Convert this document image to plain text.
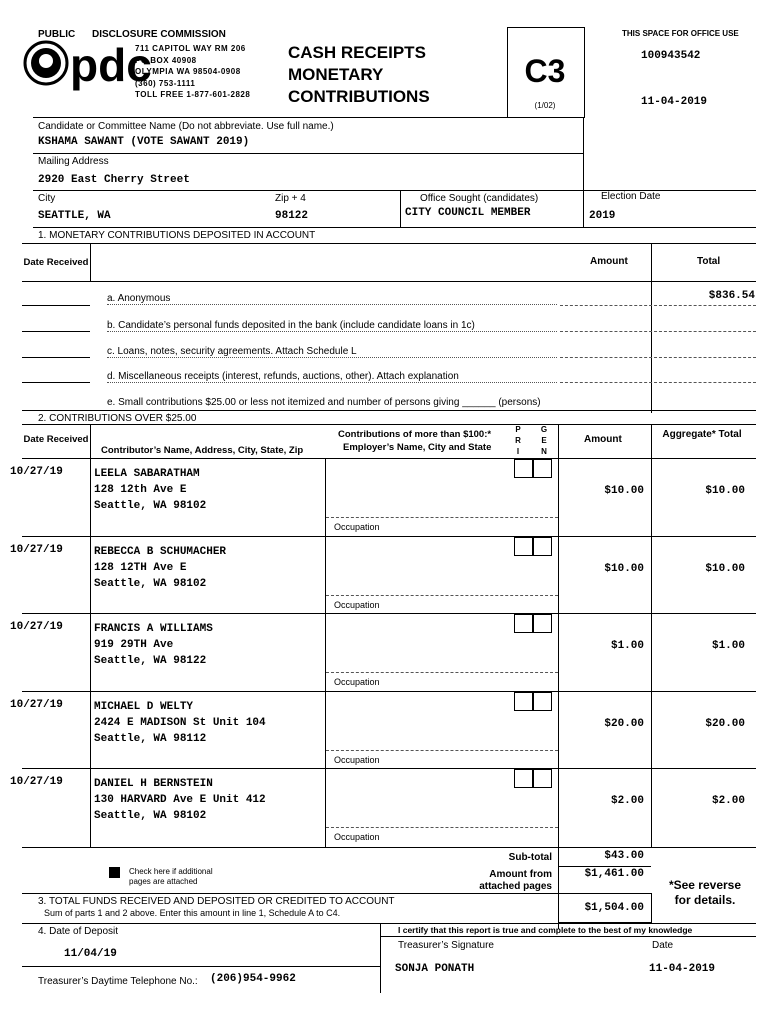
PUBLIC DISCLOSURE COMMISSION
pdc
711 CAPITOL WAY RM 206
PO BOX 40908
OLYMPIA WA 98504-0908
(360) 753-1111
TOLL FREE 1-877-601-2828
CASH RECEIPTS
MONETARY
CONTRIBUTIONS
C3
(1/02)
THIS SPACE FOR OFFICE USE
100943542
11-04-2019
Candidate or Committee Name (Do not abbreviate. Use full name.)
KSHAMA SAWANT (VOTE SAWANT 2019)
Mailing Address
2920 East Cherry Street
City
SEATTLE, WA
Zip + 4
98122
Office Sought (candidates)
CITY COUNCIL MEMBER
Election Date
2019
1. MONETARY CONTRIBUTIONS DEPOSITED IN ACCOUNT
Date Received	Amount	Total
a. Anonymous	$836.54
b. Candidate’s personal funds deposited in the bank (include candidate loans in 1c)
c. Loans, notes, security agreements. Attach Schedule L
d. Miscellaneous receipts (interest, refunds, auctions, other). Attach explanation
e. Small contributions $25.00 or less not itemized and number of persons giving ______ (persons)
2. CONTRIBUTIONS OVER $25.00
Date Received
Contributor’s Name, Address, City, State, Zip
Contributions of more than $100:*
Employer’s Name, City and State
P R I
G E N
Amount	Aggregate* Total
10/27/19	LEELA SABARATHAM
128 12th Ave E
Seattle, WA 98102
Occupation
$10.00	$10.00
10/27/19	REBECCA B SCHUMACHER
128 12TH Ave E
Seattle, WA 98102
Occupation
$10.00	$10.00
10/27/19	FRANCIS A WILLIAMS
919 29TH Ave
Seattle, WA 98122
Occupation
$1.00	$1.00
10/27/19	MICHAEL D WELTY
2424 E MADISON St Unit 104
Seattle, WA 98112
Occupation
$20.00	$20.00
10/27/19	DANIEL H BERNSTEIN
130 HARVARD Ave E Unit 412
Seattle, WA 98102
Occupation
$2.00	$2.00
Check here if additional
pages are attached
Sub-total	$43.00
Amount from
attached pages
$1,461.00
*See reverse
for details.
3. TOTAL FUNDS RECEIVED AND DEPOSITED OR CREDITED TO ACCOUNT
Sum of parts 1 and 2 above. Enter this amount in line 1, Schedule A to C4.	$1,504.00
4. Date of Deposit
11/04/19
I certify that this report is true and complete to the best of my knowledge
Treasurer’s Signature	Date
SONJA PONATH	11-04-2019
Treasurer’s Daytime Telephone No.: (206)954-9962
